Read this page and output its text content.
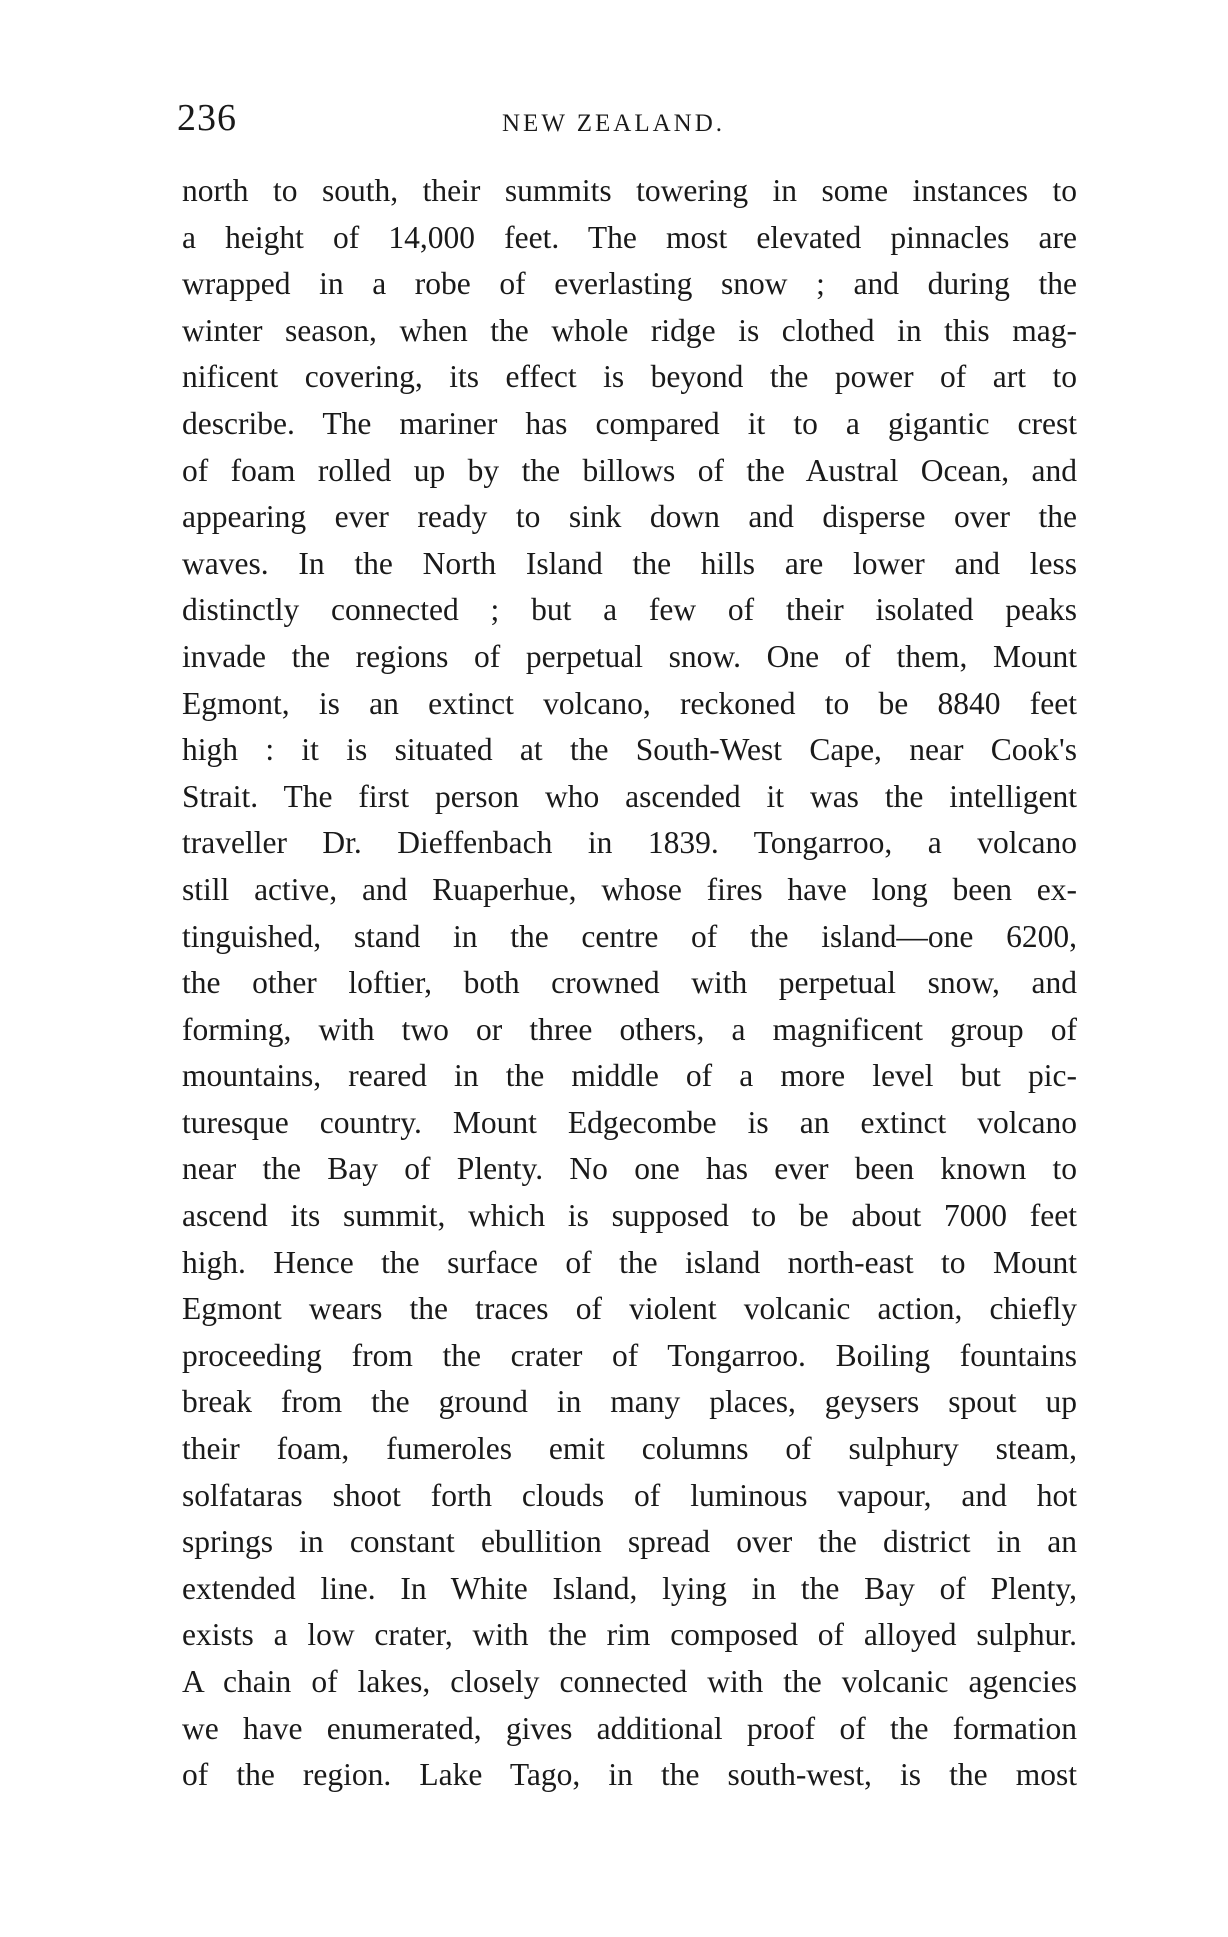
236	NEW ZEALAND.
north to south, their summits towering in some instances to
a height of 14,000 feet. The most elevated pinnacles are
wrapped in a robe of everlasting snow ; and during the
winter season, when the whole ridge is clothed in this mag-
nificent covering, its effect is beyond the power of art to
describe. The mariner has compared it to a gigantic crest
of foam rolled up by the billows of the Austral Ocean, and
appearing ever ready to sink down and disperse over the
waves. In the North Island the hills are lower and less
distinctly connected ; but a few of their isolated peaks
invade the regions of perpetual snow. One of them, Mount
Egmont, is an extinct volcano, reckoned to be 8840 feet
high : it is situated at the South-West Cape, near Cook's
Strait. The first person who ascended it was the intelligent
traveller Dr. Dieffenbach in 1839. Tongarroo, a volcano
still active, and Ruaperhue, whose fires have long been ex-
tinguished, stand in the centre of the island—one 6200,
the other loftier, both crowned with perpetual snow, and
forming, with two or three others, a magnificent group of
mountains, reared in the middle of a more level but pic-
turesque country. Mount Edgecombe is an extinct volcano
near the Bay of Plenty. No one has ever been known to
ascend its summit, which is supposed to be about 7000 feet
high. Hence the surface of the island north-east to Mount
Egmont wears the traces of violent volcanic action, chiefly
proceeding from the crater of Tongarroo. Boiling fountains
break from the ground in many places, geysers spout up
their foam, fumeroles emit columns of sulphury steam,
solfataras shoot forth clouds of luminous vapour, and hot
springs in constant ebullition spread over the district in an
extended line. In White Island, lying in the Bay of Plenty,
exists a low crater, with the rim composed of alloyed sulphur.
A chain of lakes, closely connected with the volcanic agencies
we have enumerated, gives additional proof of the formation
of the region. Lake Tago, in the south-west, is the most
